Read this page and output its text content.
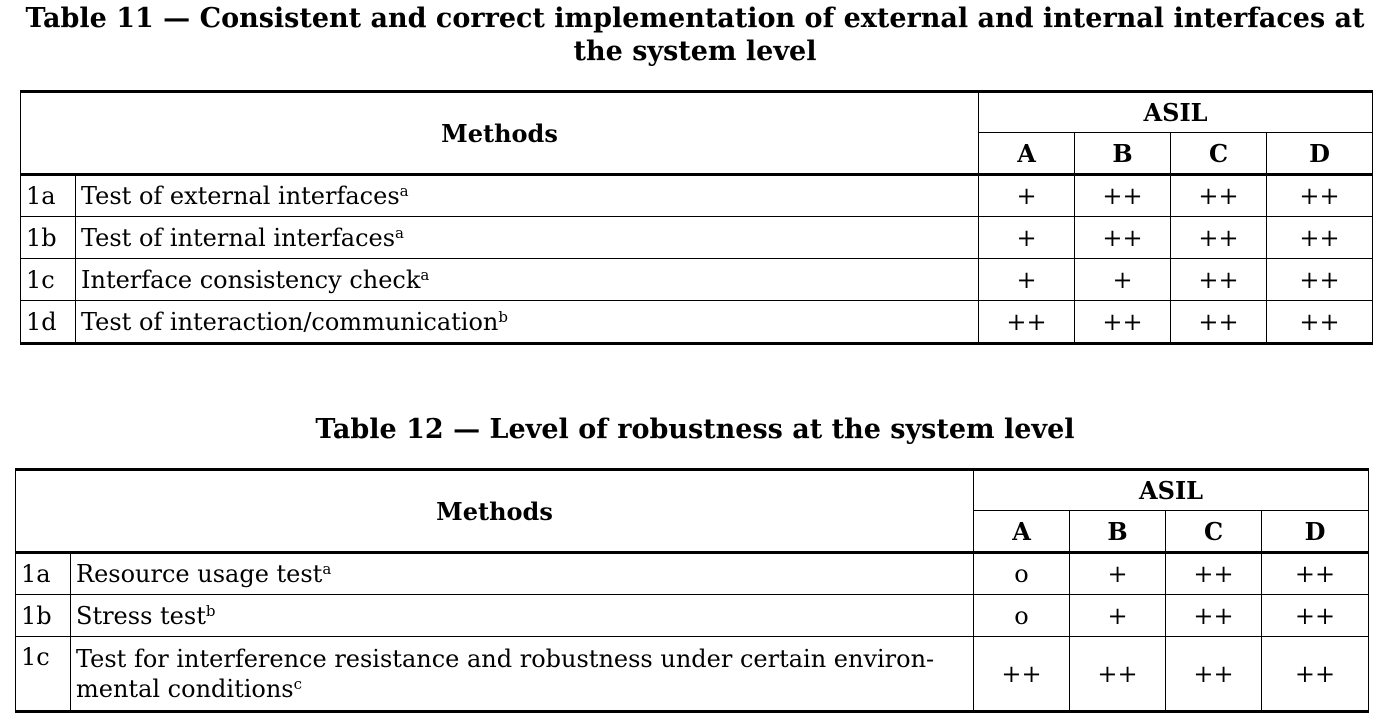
Table 11 — Consistent and correct implementation of external and internal interfaces at the system level
Methods		ASIL			
		A	B	C	D
1a	Test of external interfaces$^a$	+	++	++	++
1b	Test of internal interfaces$^a$	+	++	++	++
1c	Interface consistency check$^a$	+	+	++	++
1d	Test of interaction/communication$^b$	++	++	++	++
Table 12 — Level of robustness at the system level
Methods		ASIL			
		A	B	C	D
1a	Resource usage test$^a$	o	+	++	++
1b	Stress test$^b$	o	+	++	++
1c	Test for interference resistance and robustness under certain environ-
mental conditions$^c$	++	++	++	++
